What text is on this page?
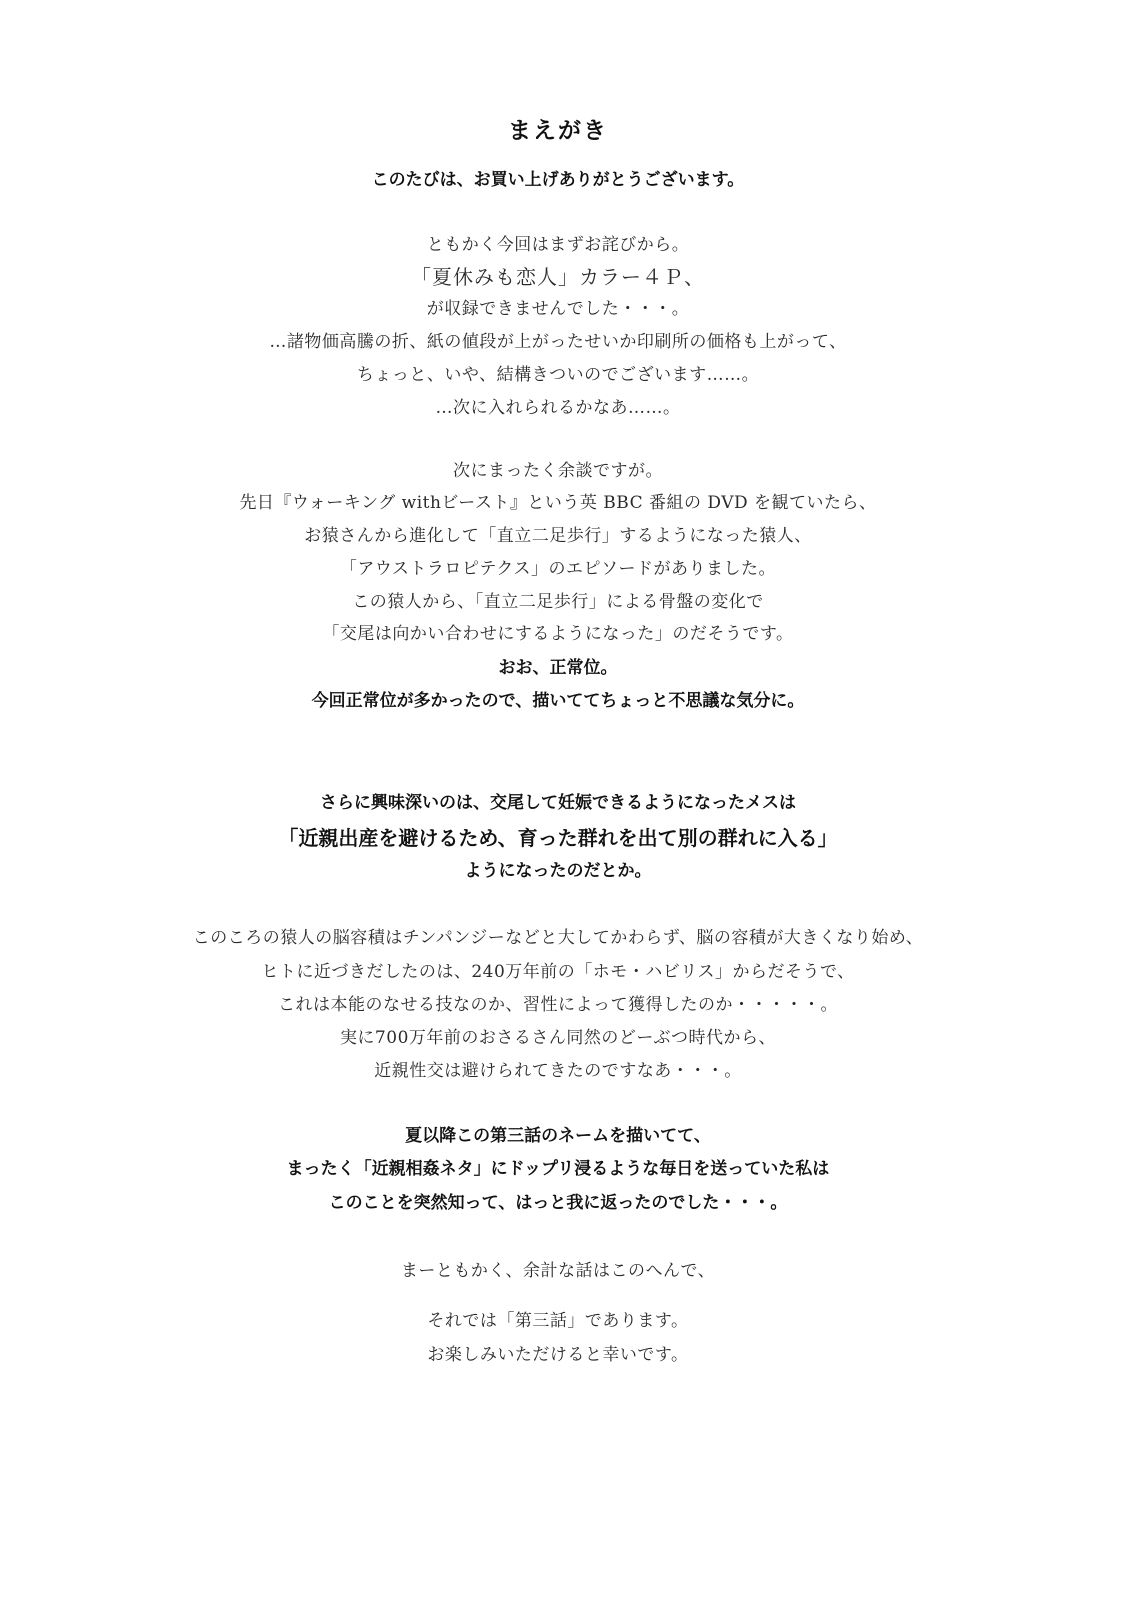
まえがき
このたびは、お買い上げありがとうございます。
ともかく今回はまずお詫びから。
「夏休みも恋人」カラー４Ｐ、
が収録できませんでした・・・。
…諸物価高騰の折、紙の値段が上がったせいか印刷所の価格も上がって、
ちょっと、いや、結構きついのでございます……。
…次に入れられるかなあ……。
次にまったく余談ですが。
先日『ウォーキング withビースト』という英 BBC 番組の DVD を観ていたら、
お猿さんから進化して「直立二足歩行」するようになった猿人、
「アウストラロピテクス」のエピソードがありました。
この猿人から、「直立二足歩行」による骨盤の変化で
「交尾は向かい合わせにするようになった」のだそうです。
おお、正常位。
今回正常位が多かったので、描いててちょっと不思議な気分に。
さらに興味深いのは、交尾して妊娠できるようになったメスは
「近親出産を避けるため、育った群れを出て別の群れに入る」
ようになったのだとか。
このころの猿人の脳容積はチンパンジーなどと大してかわらず、脳の容積が大きくなり始め、
ヒトに近づきだしたのは、240万年前の「ホモ・ハビリス」からだそうで、
これは本能のなせる技なのか、習性によって獲得したのか・・・・・。
実に700万年前のおさるさん同然のどーぶつ時代から、
近親性交は避けられてきたのですなあ・・・。
夏以降この第三話のネームを描いてて、
まったく「近親相姦ネタ」にドップリ浸るような毎日を送っていた私は
このことを突然知って、はっと我に返ったのでした・・・。
まーともかく、余計な話はこのへんで、
それでは「第三話」であります。
お楽しみいただけると幸いです。
